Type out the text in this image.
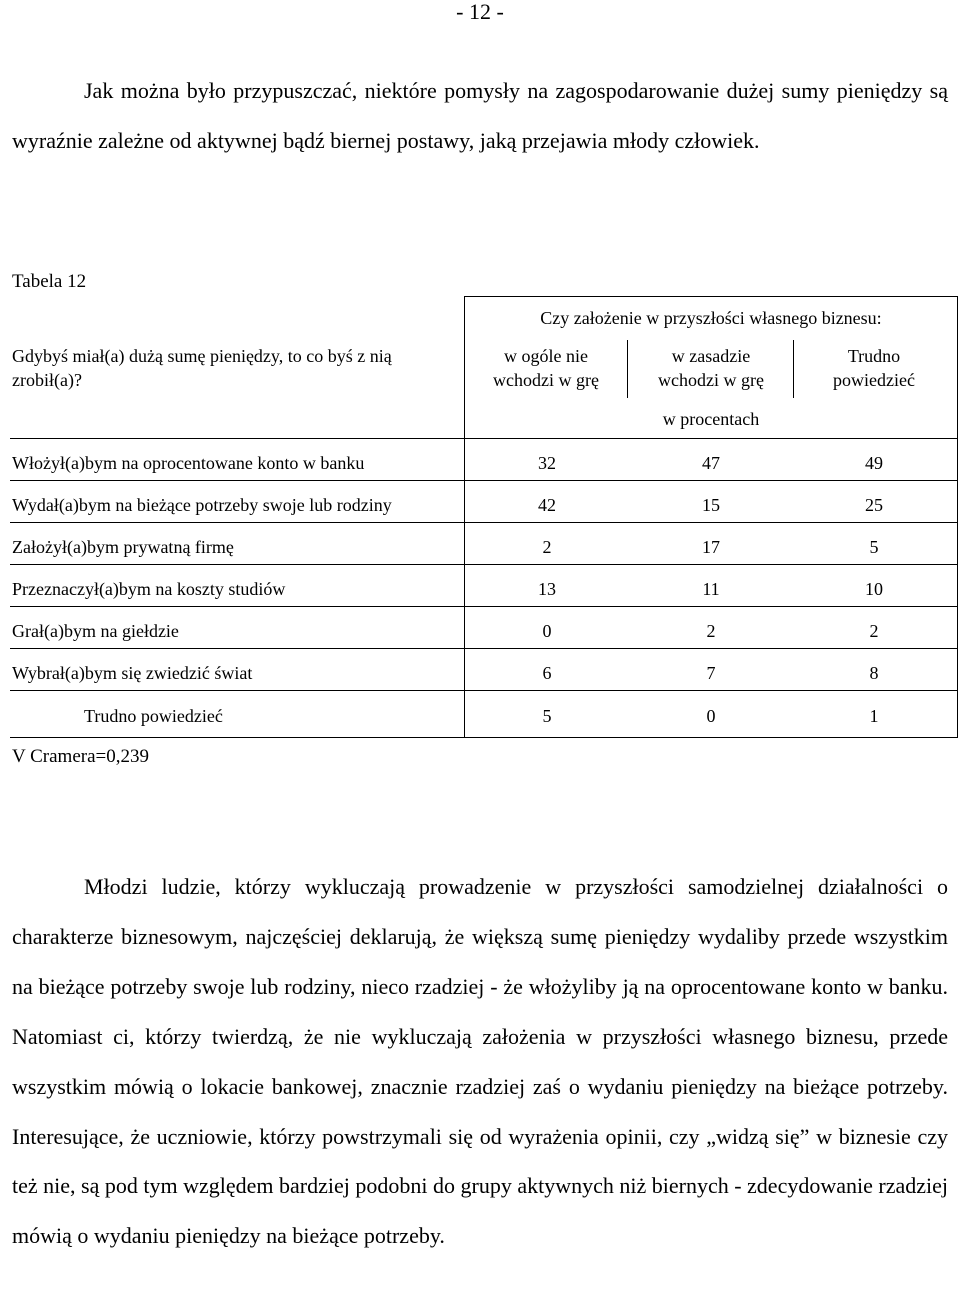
- 12 -

Jak można było przypuszczać, niektóre pomysły na zagospodarowanie dużej sumy pieniędzy są wyraźnie zależne od aktywnej bądź biernej postawy, jaką przejawia młody człowiek.

Tabela 12
Gdybyś miał(a) dużą sumę pieniędzy, to co byś z nią zrobił(a)?
Czy założenie w przyszłości własnego biznesu:
w ogóle nie wchodzi w grę
w zasadzie wchodzi w grę
Trudno powiedzieć
w procentach
Włożył(a)bym na oprocentowane konto w banku	32	47	49
Wydał(a)bym na bieżące potrzeby swoje lub rodziny	42	15	25
Założył(a)bym prywatną firmę	2	17	5
Przeznaczył(a)bym na koszty studiów	13	11	10
Grał(a)bym na giełdzie	0	2	2
Wybrał(a)bym się zwiedzić świat	6	7	8
Trudno powiedzieć	5	0	1
V Cramera=0,239

Młodzi ludzie, którzy wykluczają prowadzenie w przyszłości samodzielnej działalności o charakterze biznesowym, najczęściej deklarują, że większą sumę pieniędzy wydaliby przede wszystkim na bieżące potrzeby swoje lub rodziny, nieco rzadziej - że włożyliby ją na oprocentowane konto w banku. Natomiast ci, którzy twierdzą, że nie wykluczają założenia w przyszłości własnego biznesu, przede wszystkim mówią o lokacie bankowej, znacznie rzadziej zaś o wydaniu pieniędzy na bieżące potrzeby. Interesujące, że uczniowie, którzy powstrzymali się od wyrażenia opinii, czy „widzą się” w biznesie czy też nie, są pod tym względem bardziej podobni do grupy aktywnych niż biernych - zdecydowanie rzadziej mówią o wydaniu pieniędzy na bieżące potrzeby.
